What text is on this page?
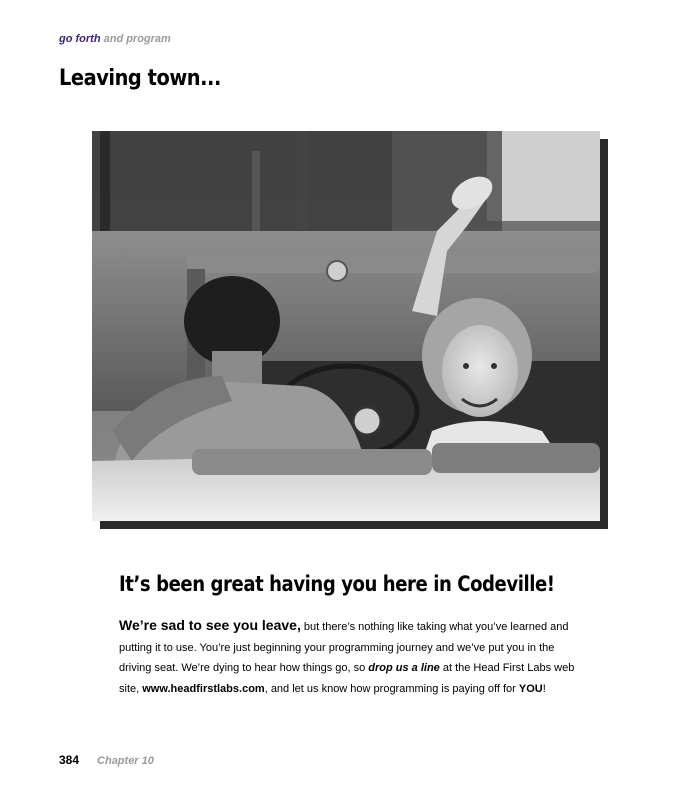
go forth and program
Leaving town...
It’s been great having you here in Codeville!

We’re sad to see you leave, but there’s nothing like taking what you’ve learned and putting it to use. You’re just beginning your programming journey and we’ve put you in the driving seat. We’re dying to hear how things go, so drop us a line at the Head First Labs web site, www.headfirstlabs.com, and let us know how programming is paying off for YOU!

384 Chapter 10
